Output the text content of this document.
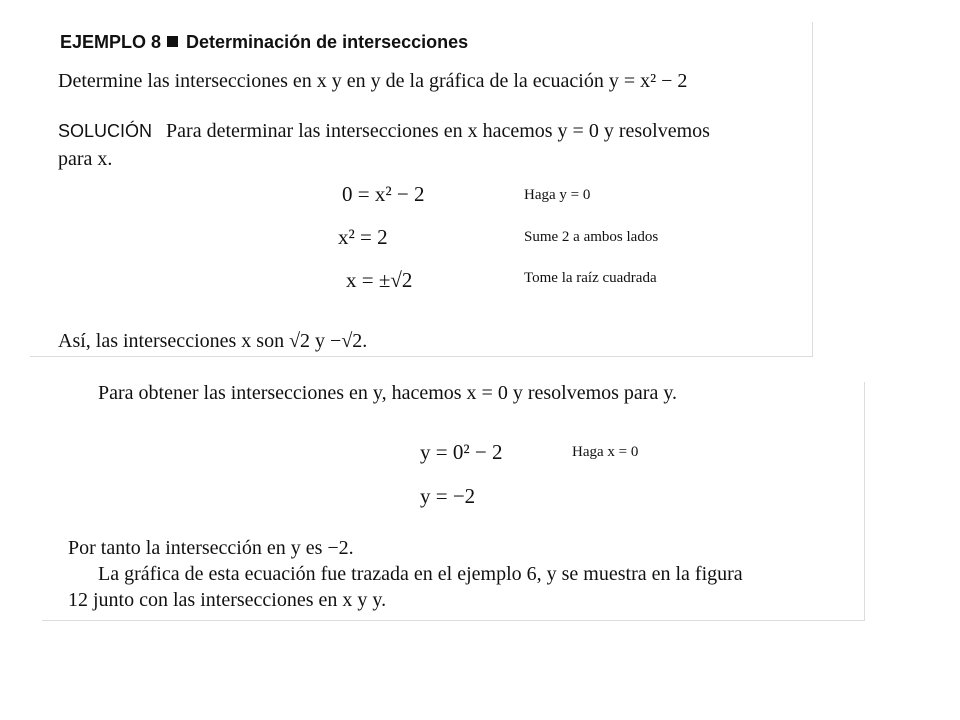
EJEMPLO 8 Determinación de intersecciones
Determine las intersecciones en x y en y de la gráfica de la ecuación y = x² − 2
SOLUCIÓN Para determinar las intersecciones en x hacemos y = 0 y resolvemos
para x.
0 = x² − 2	Haga y = 0
x² = 2	Sume 2 a ambos lados
x = ±√2	Tome la raíz cuadrada
Así, las intersecciones x son √2 y −√2.
Para obtener las intersecciones en y, hacemos x = 0 y resolvemos para y.
y = 0² − 2	Haga x = 0
y = −2
Por tanto la intersección en y es −2.
La gráfica de esta ecuación fue trazada en el ejemplo 6, y se muestra en la figura
12 junto con las intersecciones en x y y.
